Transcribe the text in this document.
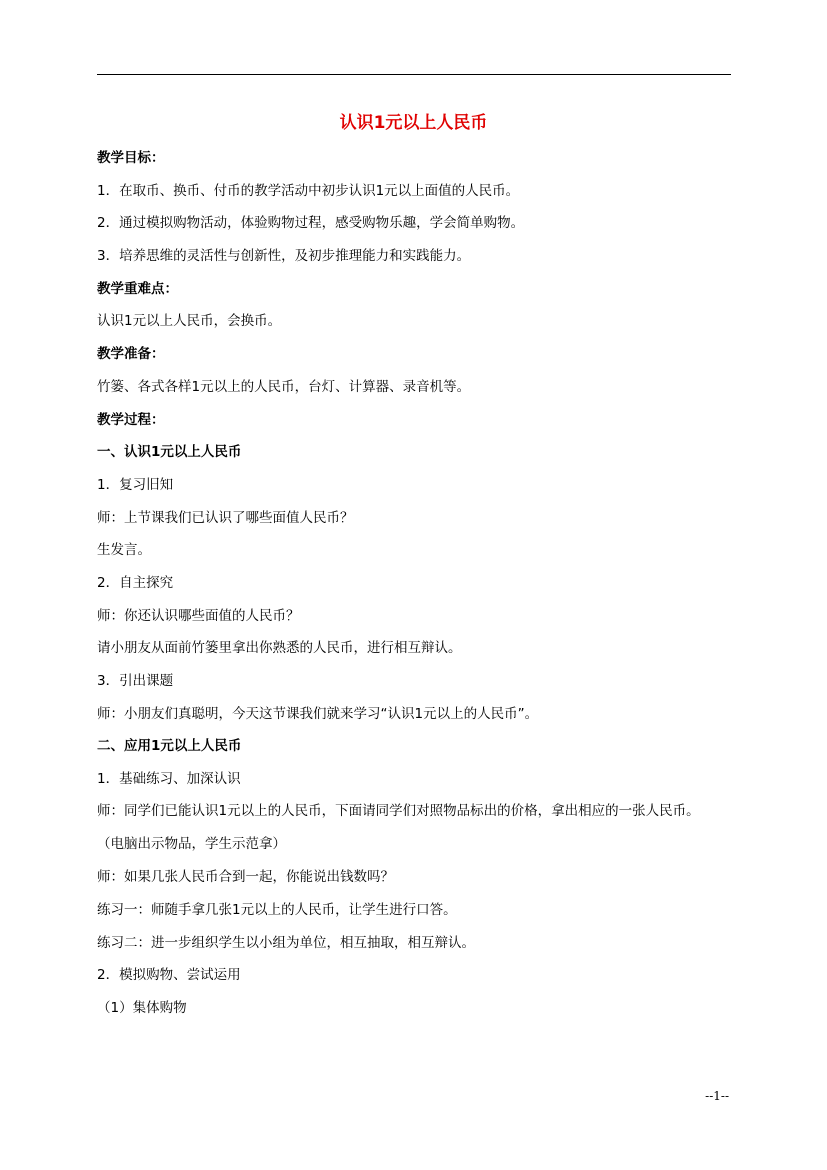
认识1元以上人民币
教学目标：
1．在取币、换币、付币的教学活动中初步认识1元以上面值的人民币。
2．通过模拟购物活动，体验购物过程，感受购物乐趣，学会简单购物。
3．培养思维的灵活性与创新性，及初步推理能力和实践能力。
教学重难点：
认识1元以上人民币，会换币。
教学准备：
竹篓、各式各样1元以上的人民币，台灯、计算器、录音机等。
教学过程：
一、认识1元以上人民币
1．复习旧知
师：上节课我们已认识了哪些面值人民币？
生发言。
2．自主探究
师：你还认识哪些面值的人民币？
请小朋友从面前竹篓里拿出你熟悉的人民币，进行相互辩认。
3．引出课题
师：小朋友们真聪明，今天这节课我们就来学习“认识1元以上的人民币”。
二、应用1元以上人民币
1．基础练习、加深认识
师：同学们已能认识1元以上的人民币，下面请同学们对照物品标出的价格，拿出相应的一张人民币。
（电脑出示物品，学生示范拿）
师：如果几张人民币合到一起，你能说出钱数吗？
练习一：师随手拿几张1元以上的人民币，让学生进行口答。
练习二：进一步组织学生以小组为单位，相互抽取，相互辩认。
2．模拟购物、尝试运用
（1）集体购物
--1--
